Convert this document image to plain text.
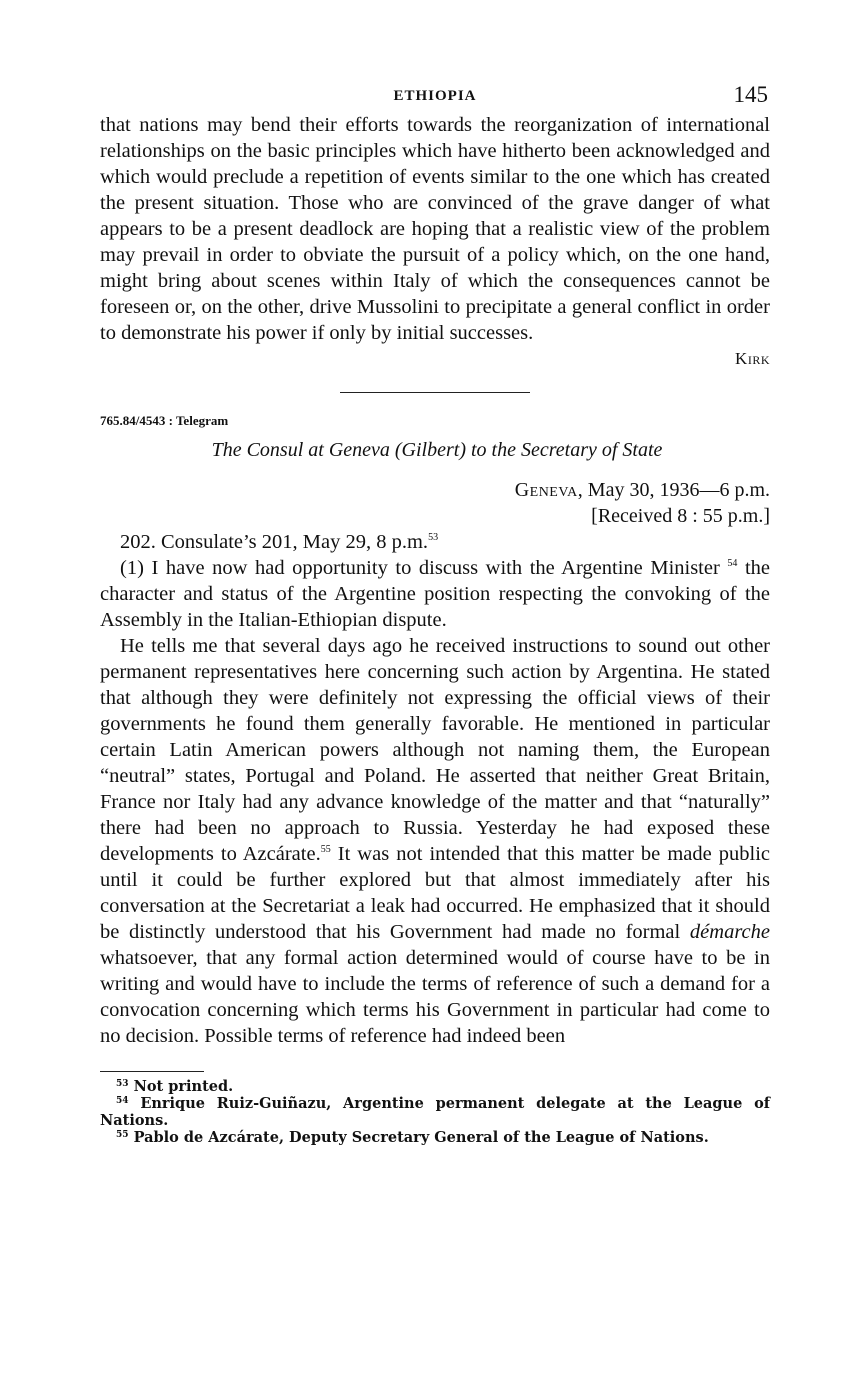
ETHIOPIA	145

that nations may bend their efforts towards the reorganization of international relationships on the basic principles which have hitherto been acknowledged and which would preclude a repetition of events similar to the one which has created the present situation. Those who are convinced of the grave danger of what appears to be a present deadlock are hoping that a realistic view of the problem may prevail in order to obviate the pursuit of a policy which, on the one hand, might bring about scenes within Italy of which the consequences cannot be foreseen or, on the other, drive Mussolini to precipitate a general conflict in order to demonstrate his power if only by initial successes.

Kirk
765.84/4543 : Telegram
The Consul at Geneva (Gilbert) to the Secretary of State
Geneva, May 30, 1936—6 p.m.
[Received 8 : 55 p.m.]

202. Consulate’s 201, May 29, 8 p.m.$^{53}$

(1) I have now had opportunity to discuss with the Argentine Minister $^{54}$ the character and status of the Argentine position respecting the convoking of the Assembly in the Italian-Ethiopian dispute.

He tells me that several days ago he received instructions to sound out other permanent representatives here concerning such action by Argentina. He stated that although they were definitely not expressing the official views of their governments he found them generally favorable. He mentioned in particular certain Latin American powers although not naming them, the European “neutral” states, Portugal and Poland. He asserted that neither Great Britain, France nor Italy had any advance knowledge of the matter and that “naturally” there had been no approach to Russia. Yesterday he had exposed these developments to Azcárate.$^{55}$ It was not intended that this matter be made public until it could be further explored but that almost immediately after his conversation at the Secretariat a leak had occurred. He emphasized that it should be distinctly understood that his Government had made no formal démarche whatsoever, that any formal action determined would of course have to be in writing and would have to include the terms of reference of such a demand for a convocation concerning which terms his Government in particular had come to no decision. Possible terms of reference had indeed been

$^{53}$ Not printed.

$^{54}$ Enrique Ruiz-Guiñazu, Argentine permanent delegate at the League of Nations.

$^{55}$ Pablo de Azcárate, Deputy Secretary General of the League of Nations.
